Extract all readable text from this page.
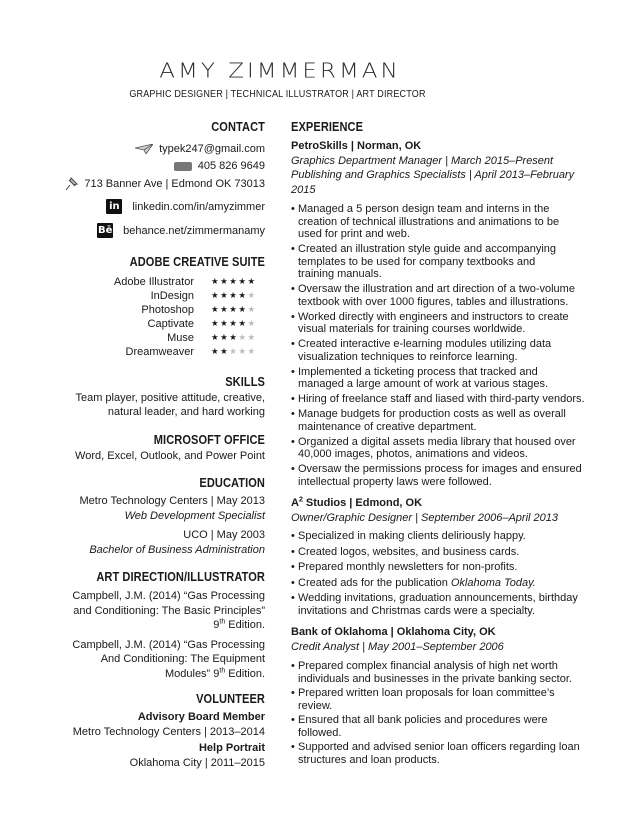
AMY ZIMMERMAN
GRAPHIC DESIGNER | TECHNICAL ILLUSTRATOR | ART DIRECTOR
CONTACT
typek247@gmail.com
405 826 9649
713 Banner Ave | Edmond OK 73013
in linkedin.com/in/amyzimmer
Bē behance.net/zimmermanamy
ADOBE CREATIVE SUITE
Adobe Illustrator ★★★★★
InDesign ★★★★★
Photoshop ★★★★★
Captivate ★★★★★
Muse ★★★★★
Dreamweaver ★★★★★
SKILLS
Team player, positive attitude, creative,
natural leader, and hard working
MICROSOFT OFFICE
Word, Excel, Outlook, and Power Point
EDUCATION
Metro Technology Centers | May 2013
Web Development Specialist
UCO | May 2003
Bachelor of Business Administration
ART DIRECTION/ILLUSTRATOR
Campbell, J.M. (2014) “Gas Processing
and Conditioning: The Basic Principles”
9th Edition.
Campbell, J.M. (2014) “Gas Processing
And Conditioning: The Equipment
Modules” 9th Edition.
VOLUNTEER
Advisory Board Member
Metro Technology Centers | 2013–2014
Help Portrait
Oklahoma City | 2011–2015
EXPERIENCE
PetroSkills | Norman, OK
Graphics Department Manager | March 2015–Present
Publishing and Graphics Specialists | April 2013–February 2015
• Managed a 5 person design team and interns in the
creation of technical illustrations and animations to be
used for print and web.
• Created an illustration style guide and accompanying
templates to be used for company textbooks and
training manuals.
• Oversaw the illustration and art direction of a two-volume
textbook with over 1000 figures, tables and illustrations.
• Worked directly with engineers and instructors to create
visual materials for training courses worldwide.
• Created interactive e-learning modules utilizing data
visualization techniques to reinforce learning.
• Implemented a ticketing process that tracked and
managed a large amount of work at various stages.
• Hiring of freelance staff and liased with third-party vendors.
• Manage budgets for production costs as well as overall
maintenance of creative department.
• Organized a digital assets media library that housed over
40,000 images, photos, animations and videos.
• Oversaw the permissions process for images and ensured
intellectual property laws were followed.
$A^2$ Studios | Edmond, OK
Owner/Graphic Designer | September 2006–April 2013
• Specialized in making clients deliriously happy.
• Created logos, websites, and business cards.
• Prepared monthly newsletters for non-profits.
• Created ads for the publication Oklahoma Today.
• Wedding invitations, graduation announcements, birthday
invitations and Christmas cards were a specialty.
Bank of Oklahoma | Oklahoma City, OK
Credit Analyst | May 2001–September 2006
• Prepared complex financial analysis of high net worth
individuals and businesses in the private banking sector.
• Prepared written loan proposals for loan committee’s review.
• Ensured that all bank policies and procedures were followed.
• Supported and advised senior loan officers regarding loan
structures and loan products.
